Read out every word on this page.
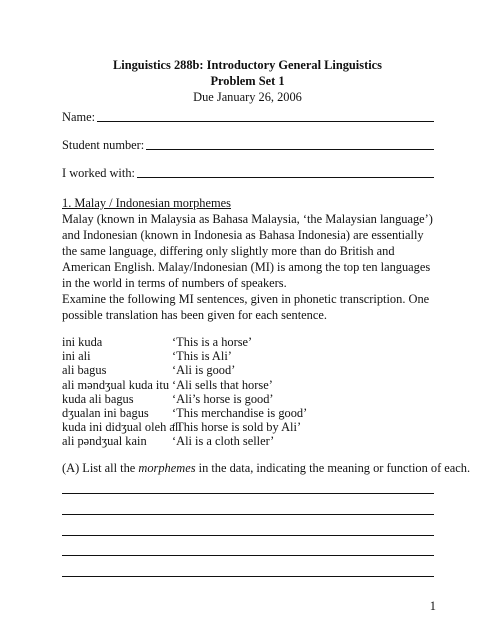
Linguistics 288b: Introductory General Linguistics
Problem Set 1
Due January 26, 2006
Name:
Student number:
I worked with:
1. Malay / Indonesian morphemes
Malay (known in Malaysia as Bahasa Malaysia, ‘the Malaysian language’) and Indonesian (known in Indonesia as Bahasa Indonesia) are essentially the same language, differing only slightly more than do British and American English. Malay/Indonesian (MI) is among the top ten languages in the world in terms of numbers of speakers.
Examine the following MI sentences, given in phonetic transcription. One possible translation has been given for each sentence.
ini kuda	‘This is a horse’
ini ali	‘This is Ali’
ali bagus	‘Ali is good’
ali məndʒual kuda itu ‘Ali sells that horse’
kuda ali bagus	‘Ali’s horse is good’
dʒualan ini bagus	‘This merchandise is good’
kuda ini didʒual oleh ali
‘This horse is sold by Ali’
ali pəndʒual kain	‘Ali is a cloth seller’
(A) List all the morphemes in the data, indicating the meaning or function of each.
1
